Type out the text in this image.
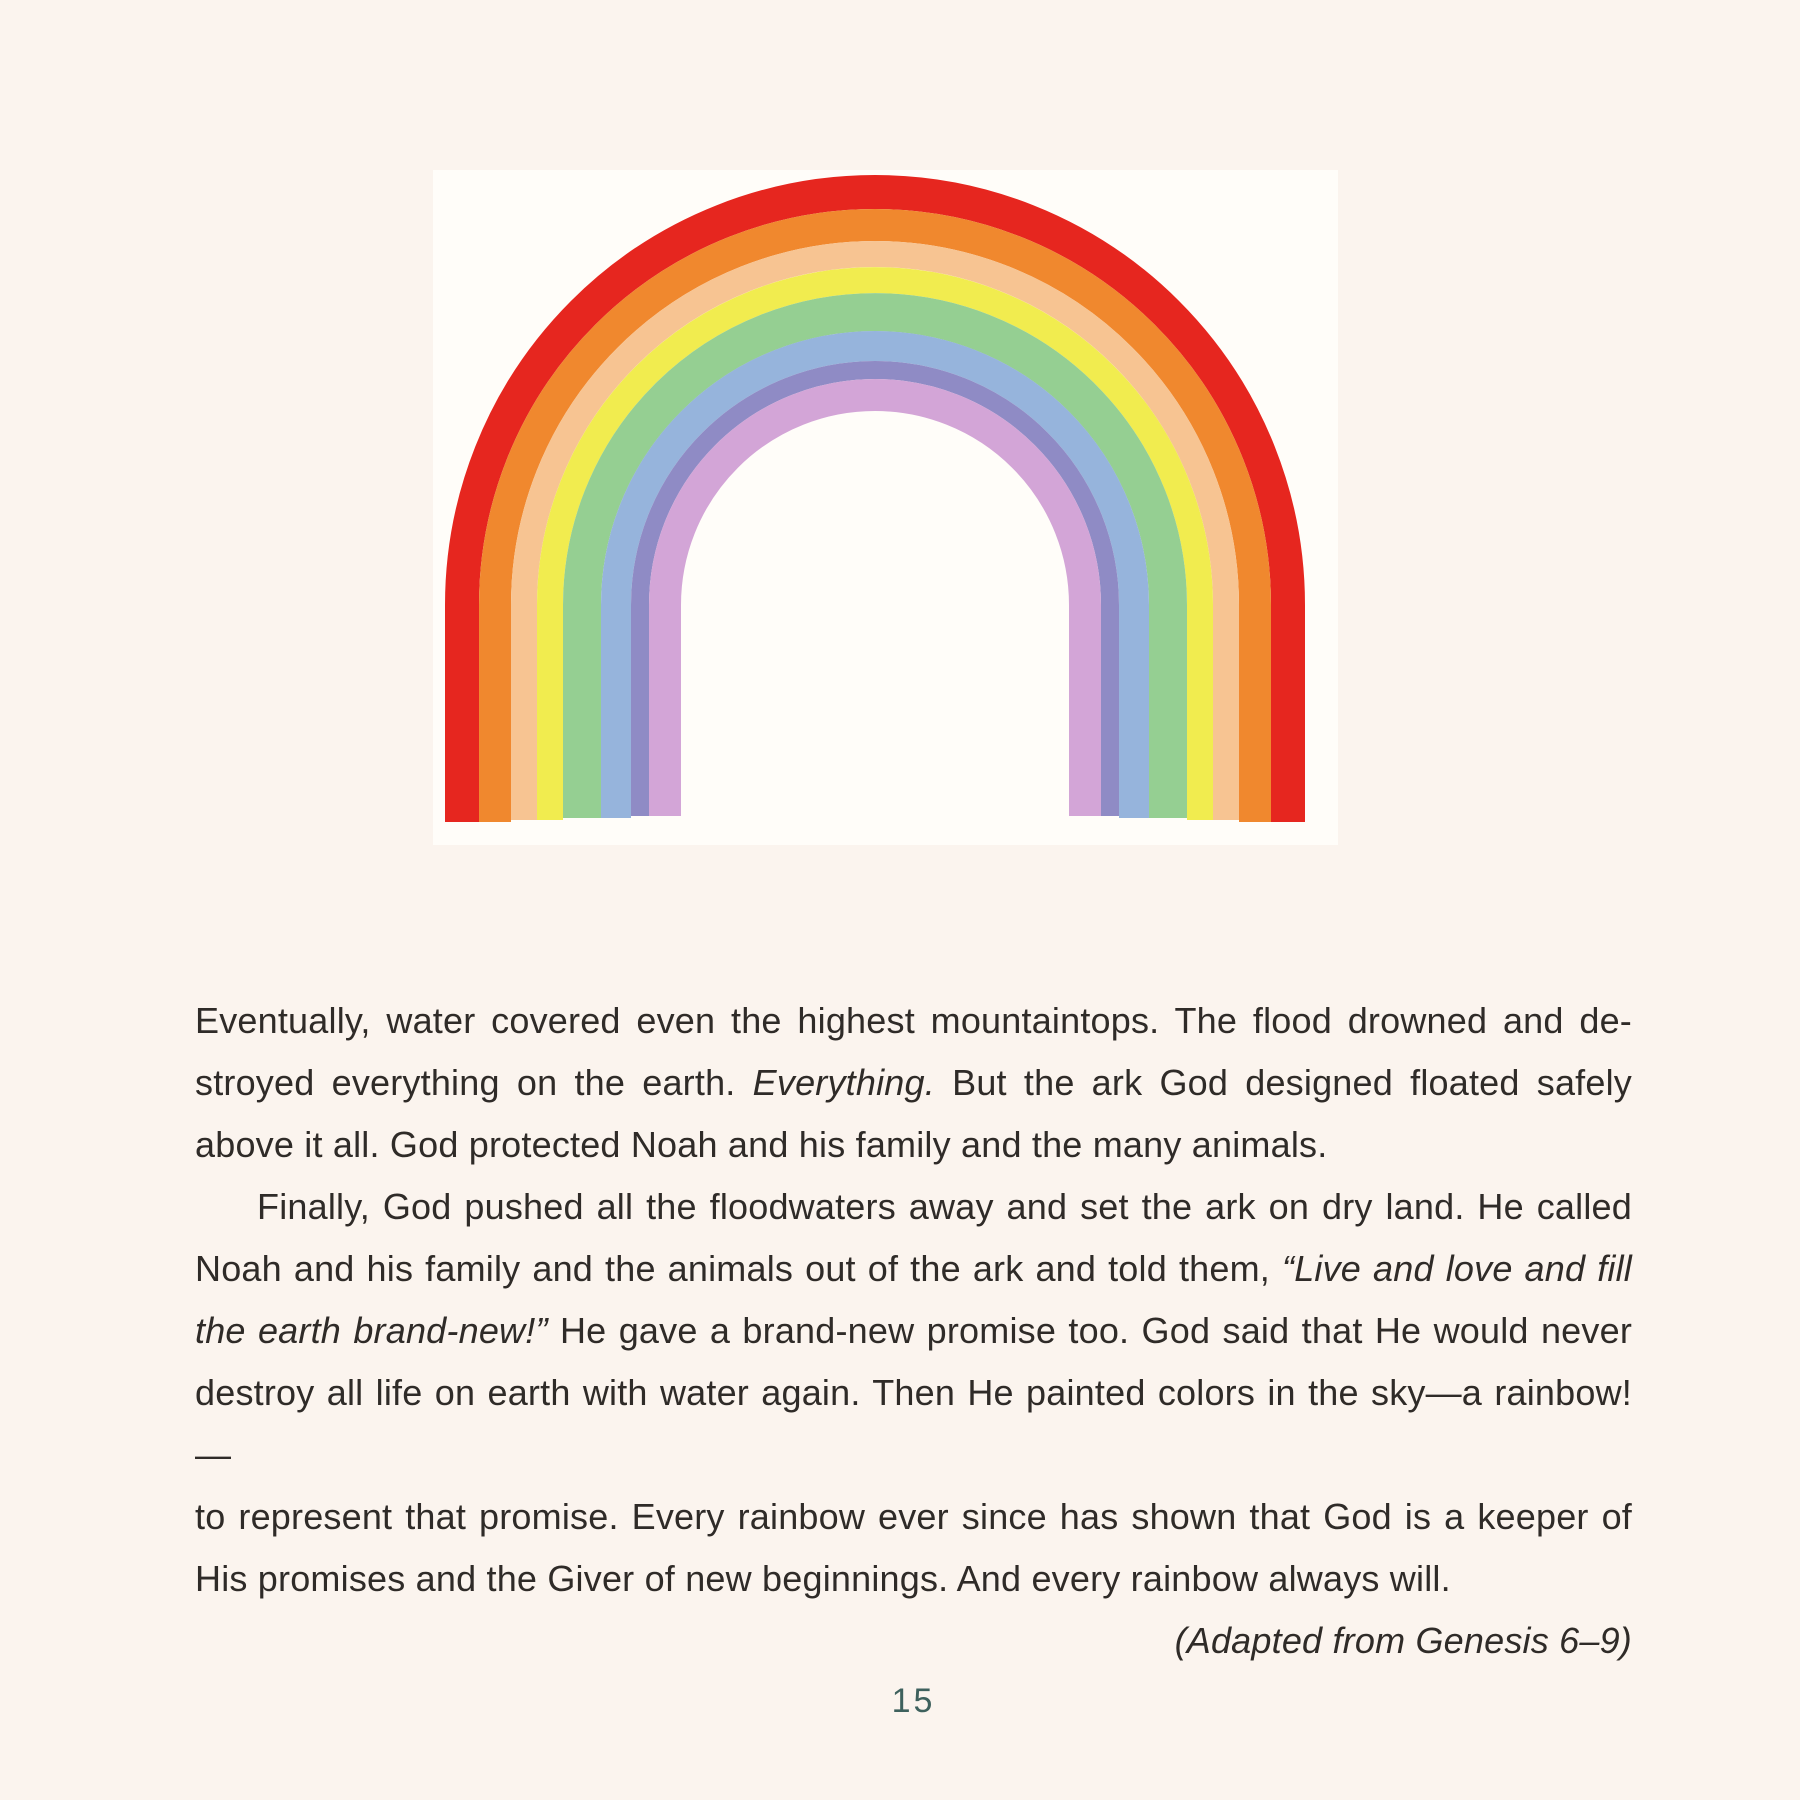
Eventually, water covered even the highest mountaintops. The flood drowned and de-
stroyed everything on the earth. Everything. But the ark God designed floated safely
above it all. God protected Noah and his family and the many animals.
Finally, God pushed all the floodwaters away and set the ark on dry land. He called
Noah and his family and the animals out of the ark and told them, “Live and love and fill
the earth brand-new!” He gave a brand-new promise too. God said that He would never
destroy all life on earth with water again. Then He painted colors in the sky—a rainbow!—
to represent that promise. Every rainbow ever since has shown that God is a keeper of
His promises and the Giver of new beginnings. And every rainbow always will.
(Adapted from Genesis 6–9)
15
